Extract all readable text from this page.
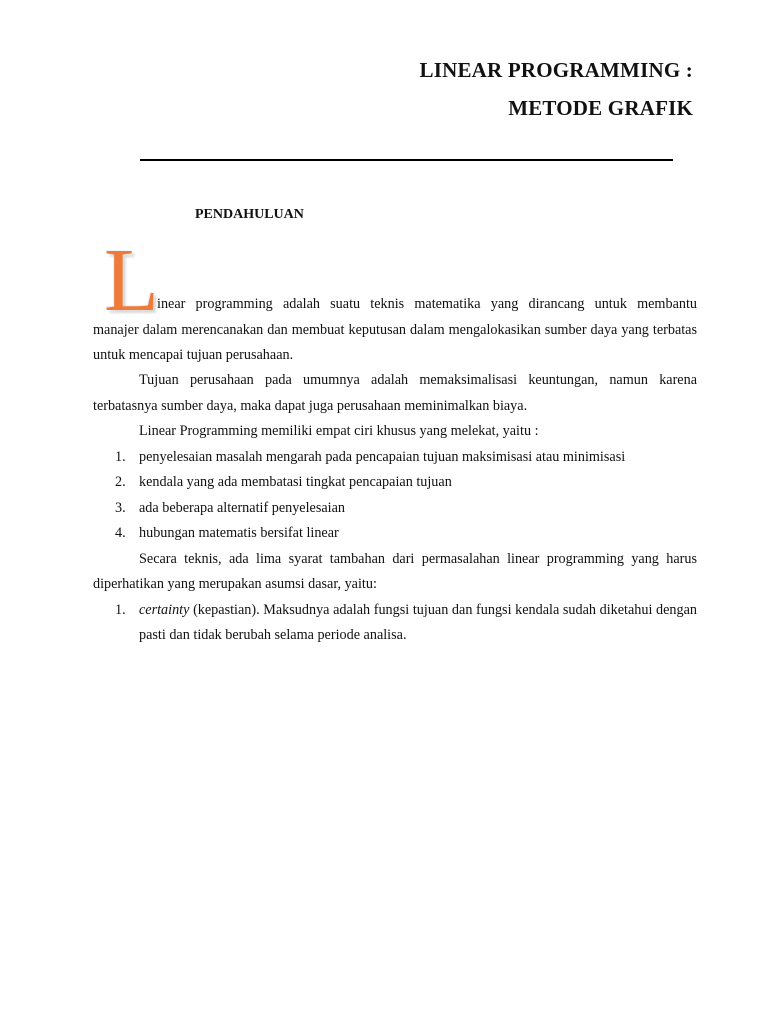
LINEAR PROGRAMMING :
METODE GRAFIK
PENDAHULUAN
L
inear programming adalah suatu teknis matematika yang dirancang untuk membantu
manajer dalam merencanakan dan membuat keputusan dalam mengalokasikan sumber daya yang terbatas untuk mencapai tujuan perusahaan.

Tujuan perusahaan pada umumnya adalah memaksimalisasi keuntungan, namun karena terbatasnya sumber daya, maka dapat juga perusahaan meminimalkan biaya.

Linear Programming memiliki empat ciri khusus yang melekat, yaitu :

1. penyelesaian masalah mengarah pada pencapaian tujuan maksimisasi atau minimisasi
2. kendala yang ada membatasi tingkat pencapaian tujuan
3. ada beberapa alternatif penyelesaian
4. hubungan matematis bersifat linear

Secara teknis, ada lima syarat tambahan dari permasalahan linear programming yang harus diperhatikan yang merupakan asumsi dasar, yaitu:

1. certainty (kepastian). Maksudnya adalah fungsi tujuan dan fungsi kendala sudah diketahui dengan pasti dan tidak berubah selama periode analisa.
